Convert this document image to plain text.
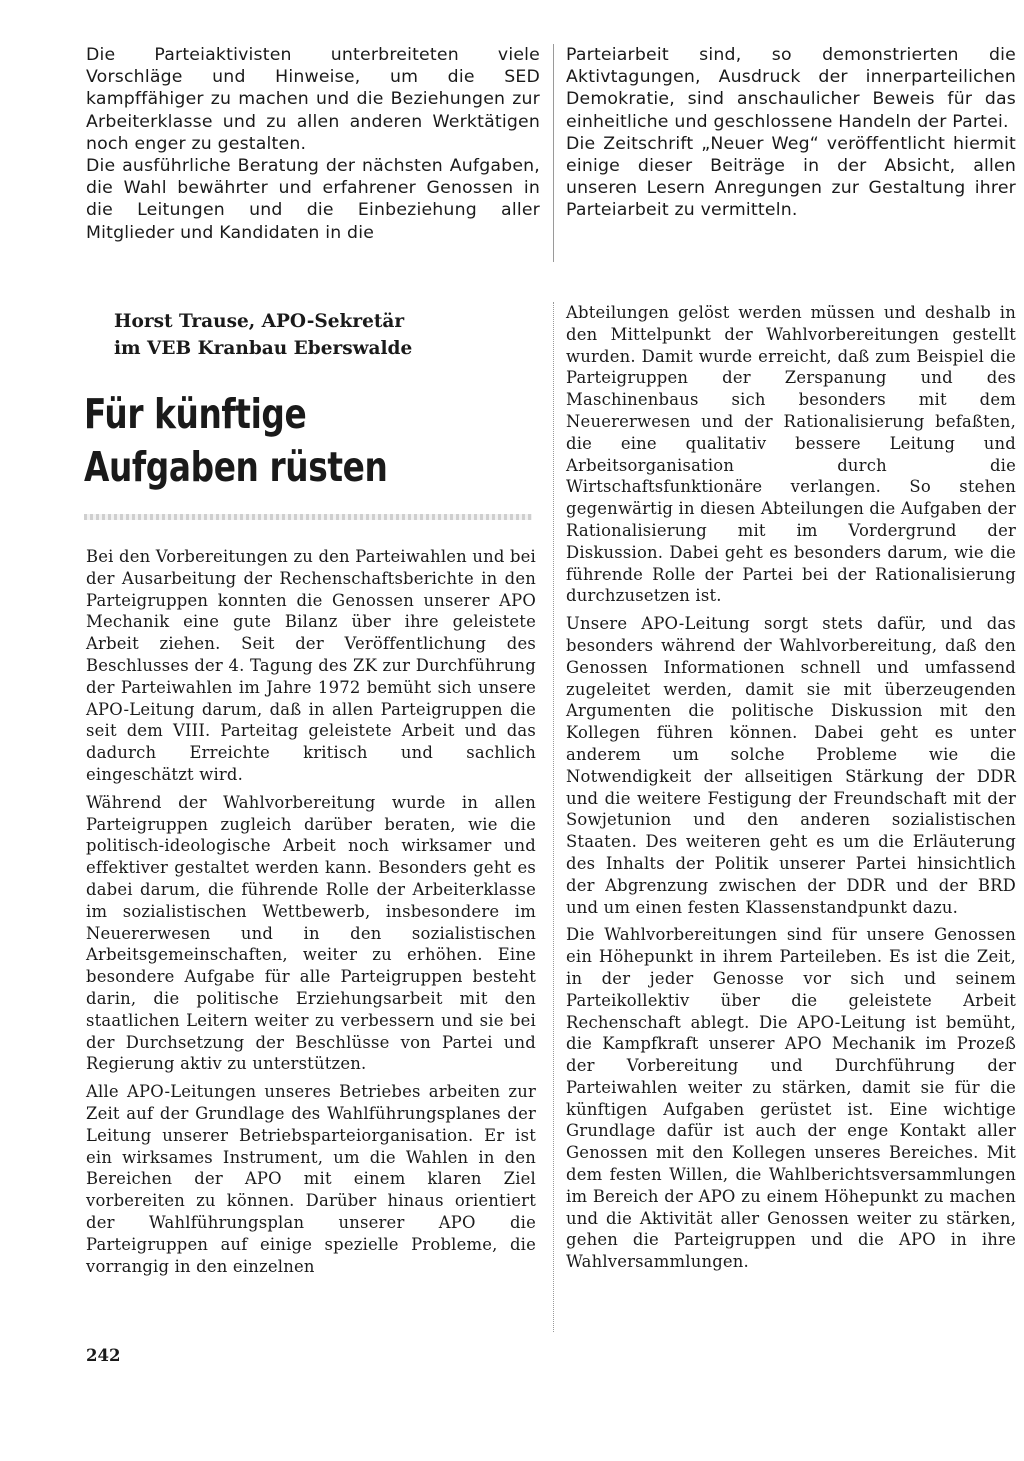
Die Parteiaktivisten unterbreiteten viele Vorschläge und Hinweise, um die SED kampffähiger zu machen und die Beziehungen zur Arbeiterklasse und zu allen anderen Werktätigen noch enger zu gestalten.

Die ausführliche Beratung der nächsten Aufgaben, die Wahl bewährter und erfahrener Genossen in die Leitungen und die Einbeziehung aller Mitglieder und Kandidaten in die

Parteiarbeit sind, so demonstrierten die Aktivtagungen, Ausdruck der innerparteilichen Demokratie, sind anschaulicher Beweis für das einheitliche und geschlossene Handeln der Partei.

Die Zeitschrift „Neuer Weg“ veröffentlicht hiermit einige dieser Beiträge in der Absicht, allen unseren Lesern Anregungen zur Gestaltung ihrer Parteiarbeit zu vermitteln.

Horst Trause, APO-Sekretär
im VEB Kranbau Eberswalde
Für künftige
Aufgaben rüsten

Bei den Vorbereitungen zu den Parteiwahlen und bei der Ausarbeitung der Rechenschaftsberichte in den Parteigruppen konnten die Genossen unserer APO Mechanik eine gute Bilanz über ihre geleistete Arbeit ziehen. Seit der Veröffentlichung des Beschlusses der 4. Tagung des ZK zur Durchführung der Parteiwahlen im Jahre 1972 bemüht sich unsere APO-Leitung darum, daß in allen Parteigruppen die seit dem VIII. Parteitag geleistete Arbeit und das dadurch Erreichte kritisch und sachlich eingeschätzt wird.

Während der Wahlvorbereitung wurde in allen Parteigruppen zugleich darüber beraten, wie die politisch-ideologische Arbeit noch wirksamer und effektiver gestaltet werden kann. Besonders geht es dabei darum, die führende Rolle der Arbeiterklasse im sozialistischen Wettbewerb, insbesondere im Neuererwesen und in den sozialistischen Arbeitsgemeinschaften, weiter zu erhöhen. Eine besondere Aufgabe für alle Parteigruppen besteht darin, die politische Erziehungsarbeit mit den staatlichen Leitern weiter zu verbessern und sie bei der Durchsetzung der Beschlüsse von Partei und Regierung aktiv zu unterstützen.

Alle APO-Leitungen unseres Betriebes arbeiten zur Zeit auf der Grundlage des Wahlführungsplanes der Leitung unserer Betriebsparteiorganisation. Er ist ein wirksames Instrument, um die Wahlen in den Bereichen der APO mit einem klaren Ziel vorbereiten zu können. Darüber hinaus orientiert der Wahlführungsplan unserer APO die Parteigruppen auf einige spezielle Probleme, die vorrangig in den einzelnen

Abteilungen gelöst werden müssen und deshalb in den Mittelpunkt der Wahlvorbereitungen gestellt wurden. Damit wurde erreicht, daß zum Beispiel die Parteigruppen der Zerspanung und des Maschinenbaus sich besonders mit dem Neuererwesen und der Rationalisierung befaßten, die eine qualitativ bessere Leitung und Arbeitsorganisation durch die Wirtschaftsfunktionäre verlangen. So stehen gegenwärtig in diesen Abteilungen die Aufgaben der Rationalisierung mit im Vordergrund der Diskussion. Dabei geht es besonders darum, wie die führende Rolle der Partei bei der Rationalisierung durchzusetzen ist.

Unsere APO-Leitung sorgt stets dafür, und das besonders während der Wahlvorbereitung, daß den Genossen Informationen schnell und umfassend zugeleitet werden, damit sie mit überzeugenden Argumenten die politische Diskussion mit den Kollegen führen können. Dabei geht es unter anderem um solche Probleme wie die Notwendigkeit der allseitigen Stärkung der DDR und die weitere Festigung der Freundschaft mit der Sowjetunion und den anderen sozialistischen Staaten. Des weiteren geht es um die Erläuterung des Inhalts der Politik unserer Partei hinsichtlich der Abgrenzung zwischen der DDR und der BRD und um einen festen Klassenstandpunkt dazu.

Die Wahlvorbereitungen sind für unsere Genossen ein Höhepunkt in ihrem Parteileben. Es ist die Zeit, in der jeder Genosse vor sich und seinem Parteikollektiv über die geleistete Arbeit Rechenschaft ablegt. Die APO-Leitung ist bemüht, die Kampfkraft unserer APO Mechanik im Prozeß der Vorbereitung und Durchführung der Parteiwahlen weiter zu stärken, damit sie für die künftigen Aufgaben gerüstet ist. Eine wichtige Grundlage dafür ist auch der enge Kontakt aller Genossen mit den Kollegen unseres Bereiches. Mit dem festen Willen, die Wahlberichtsversammlungen im Bereich der APO zu einem Höhepunkt zu machen und die Aktivität aller Genossen weiter zu stärken, gehen die Parteigruppen und die APO in ihre Wahlversammlungen.

242
